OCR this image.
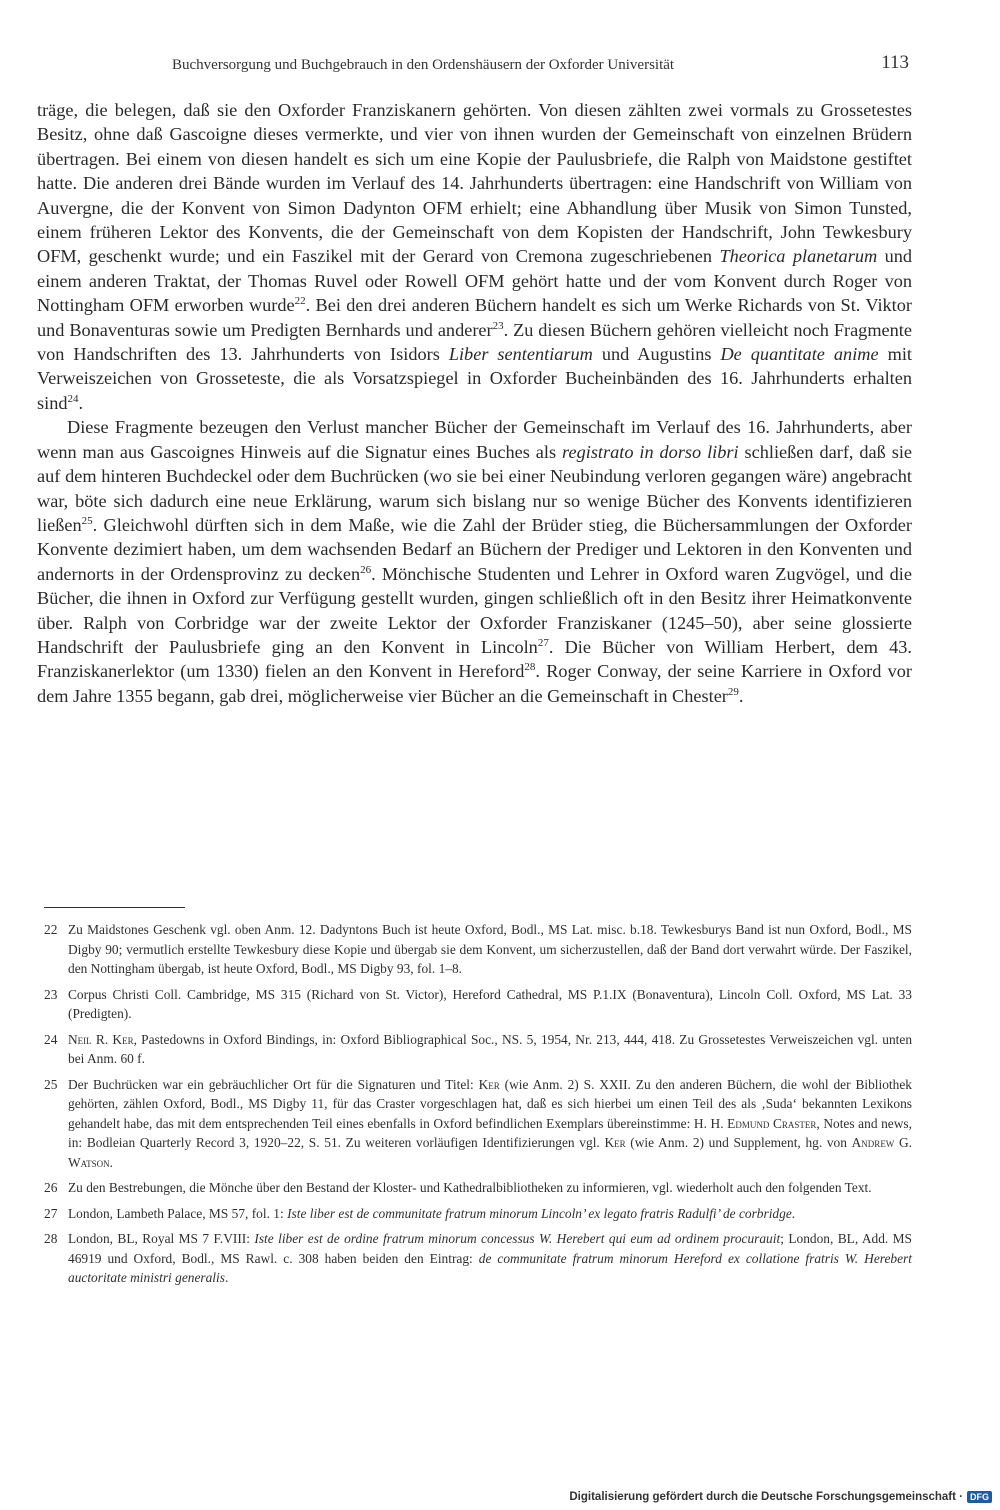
Buchversorgung und Buchgebrauch in den Ordenshäusern der Oxforder Universität	113

träge, die belegen, daß sie den Oxforder Franziskanern gehörten. Von diesen zählten zwei vormals zu Grossetestes Besitz, ohne daß Gascoigne dieses vermerkte, und vier von ihnen wurden der Gemeinschaft von einzelnen Brüdern übertragen. Bei einem von diesen handelt es sich um eine Kopie der Paulusbriefe, die Ralph von Maidstone gestiftet hatte. Die anderen drei Bände wurden im Verlauf des 14. Jahrhunderts übertragen: eine Handschrift von William von Auvergne, die der Konvent von Simon Dadynton OFM erhielt; eine Abhandlung über Musik von Simon Tunsted, einem früheren Lektor des Konvents, die der Gemeinschaft von dem Kopisten der Handschrift, John Tewkesbury OFM, geschenkt wurde; und ein Faszikel mit der Gerard von Cremona zugeschriebenen Theorica planetarum und einem anderen Traktat, der Thomas Ruvel oder Rowell OFM gehört hatte und der vom Konvent durch Roger von Nottingham OFM erworben wurde$^{22}$. Bei den drei anderen Büchern handelt es sich um Werke Richards von St. Viktor und Bonaventuras sowie um Predigten Bernhards und anderer$^{23}$. Zu diesen Büchern gehören vielleicht noch Fragmente von Handschriften des 13. Jahrhunderts von Isidors Liber sententiarum und Augustins De quantitate anime mit Verweiszeichen von Grosseteste, die als Vorsatzspiegel in Oxforder Bucheinbänden des 16. Jahrhunderts erhalten sind$^{24}$.

Diese Fragmente bezeugen den Verlust mancher Bücher der Gemeinschaft im Verlauf des 16. Jahrhunderts, aber wenn man aus Gascoignes Hinweis auf die Signatur eines Buches als registrato in dorso libri schließen darf, daß sie auf dem hinteren Buchdeckel oder dem Buchrücken (wo sie bei einer Neubindung verloren gegangen wäre) angebracht war, böte sich dadurch eine neue Erklärung, warum sich bislang nur so wenige Bücher des Konvents identifizieren ließen$^{25}$. Gleichwohl dürften sich in dem Maße, wie die Zahl der Brüder stieg, die Büchersammlungen der Oxforder Konvente dezimiert haben, um dem wachsenden Bedarf an Büchern der Prediger und Lektoren in den Konventen und andernorts in der Ordensprovinz zu decken$^{26}$. Mönchische Studenten und Lehrer in Oxford waren Zugvögel, und die Bücher, die ihnen in Oxford zur Verfügung gestellt wurden, gingen schließlich oft in den Besitz ihrer Heimatkonvente über. Ralph von Corbridge war der zweite Lektor der Oxforder Franziskaner (1245–50), aber seine glossierte Handschrift der Paulusbriefe ging an den Konvent in Lincoln$^{27}$. Die Bücher von William Herbert, dem 43. Franziskanerlektor (um 1330) fielen an den Konvent in Hereford$^{28}$. Roger Conway, der seine Karriere in Oxford vor dem Jahre 1355 begann, gab drei, möglicherweise vier Bücher an die Gemeinschaft in Chester$^{29}$.

22 Zu Maidstones Geschenk vgl. oben Anm. 12. Dadyntons Buch ist heute Oxford, Bodl., MS Lat. misc. b.18. Tewkesburys Band ist nun Oxford, Bodl., MS Digby 90; vermutlich erstellte Tewkesbury diese Kopie und übergab sie dem Konvent, um sicherzustellen, daß der Band dort verwahrt würde. Der Faszikel, den Nottingham übergab, ist heute Oxford, Bodl., MS Digby 93, fol. 1–8.
23 Corpus Christi Coll. Cambridge, MS 315 (Richard von St. Victor), Hereford Cathedral, MS P.1.IX (Bonaventura), Lincoln Coll. Oxford, MS Lat. 33 (Predigten).
24 Neil R. Ker, Pastedowns in Oxford Bindings, in: Oxford Bibliographical Soc., NS. 5, 1954, Nr. 213, 444, 418. Zu Grossetestes Verweiszeichen vgl. unten bei Anm. 60 f.
25 Der Buchrücken war ein gebräuchlicher Ort für die Signaturen und Titel: Ker (wie Anm. 2) S. XXII. Zu den anderen Büchern, die wohl der Bibliothek gehörten, zählen Oxford, Bodl., MS Digby 11, für das Craster vorgeschlagen hat, daß es sich hierbei um einen Teil des als ‚Suda‘ bekannten Lexikons gehandelt habe, das mit dem entsprechenden Teil eines ebenfalls in Oxford befindlichen Exemplars übereinstimme: H. H. Edmund Craster, Notes and news, in: Bodleian Quarterly Record 3, 1920–22, S. 51. Zu weiteren vorläufigen Identifizierungen vgl. Ker (wie Anm. 2) und Supplement, hg. von Andrew G. Watson.
26 Zu den Bestrebungen, die Mönche über den Bestand der Kloster- und Kathedralbibliotheken zu informieren, vgl. wiederholt auch den folgenden Text.
27 London, Lambeth Palace, MS 57, fol. 1: Iste liber est de communitate fratrum minorum Lincoln’ ex legato fratris Radulfi’ de corbridge.
28 London, BL, Royal MS 7 F.VIII: Iste liber est de ordine fratrum minorum concessus W. Herebert qui eum ad ordinem procurauit; London, BL, Add. MS 46919 und Oxford, Bodl., MS Rawl. c. 308 haben beiden den Eintrag: de communitate fratrum minorum Hereford ex collatione fratris W. Herebert auctoritate ministri generalis.
Digitalisierung gefördert durch die Deutsche Forschungsgemeinschaft · DFG
